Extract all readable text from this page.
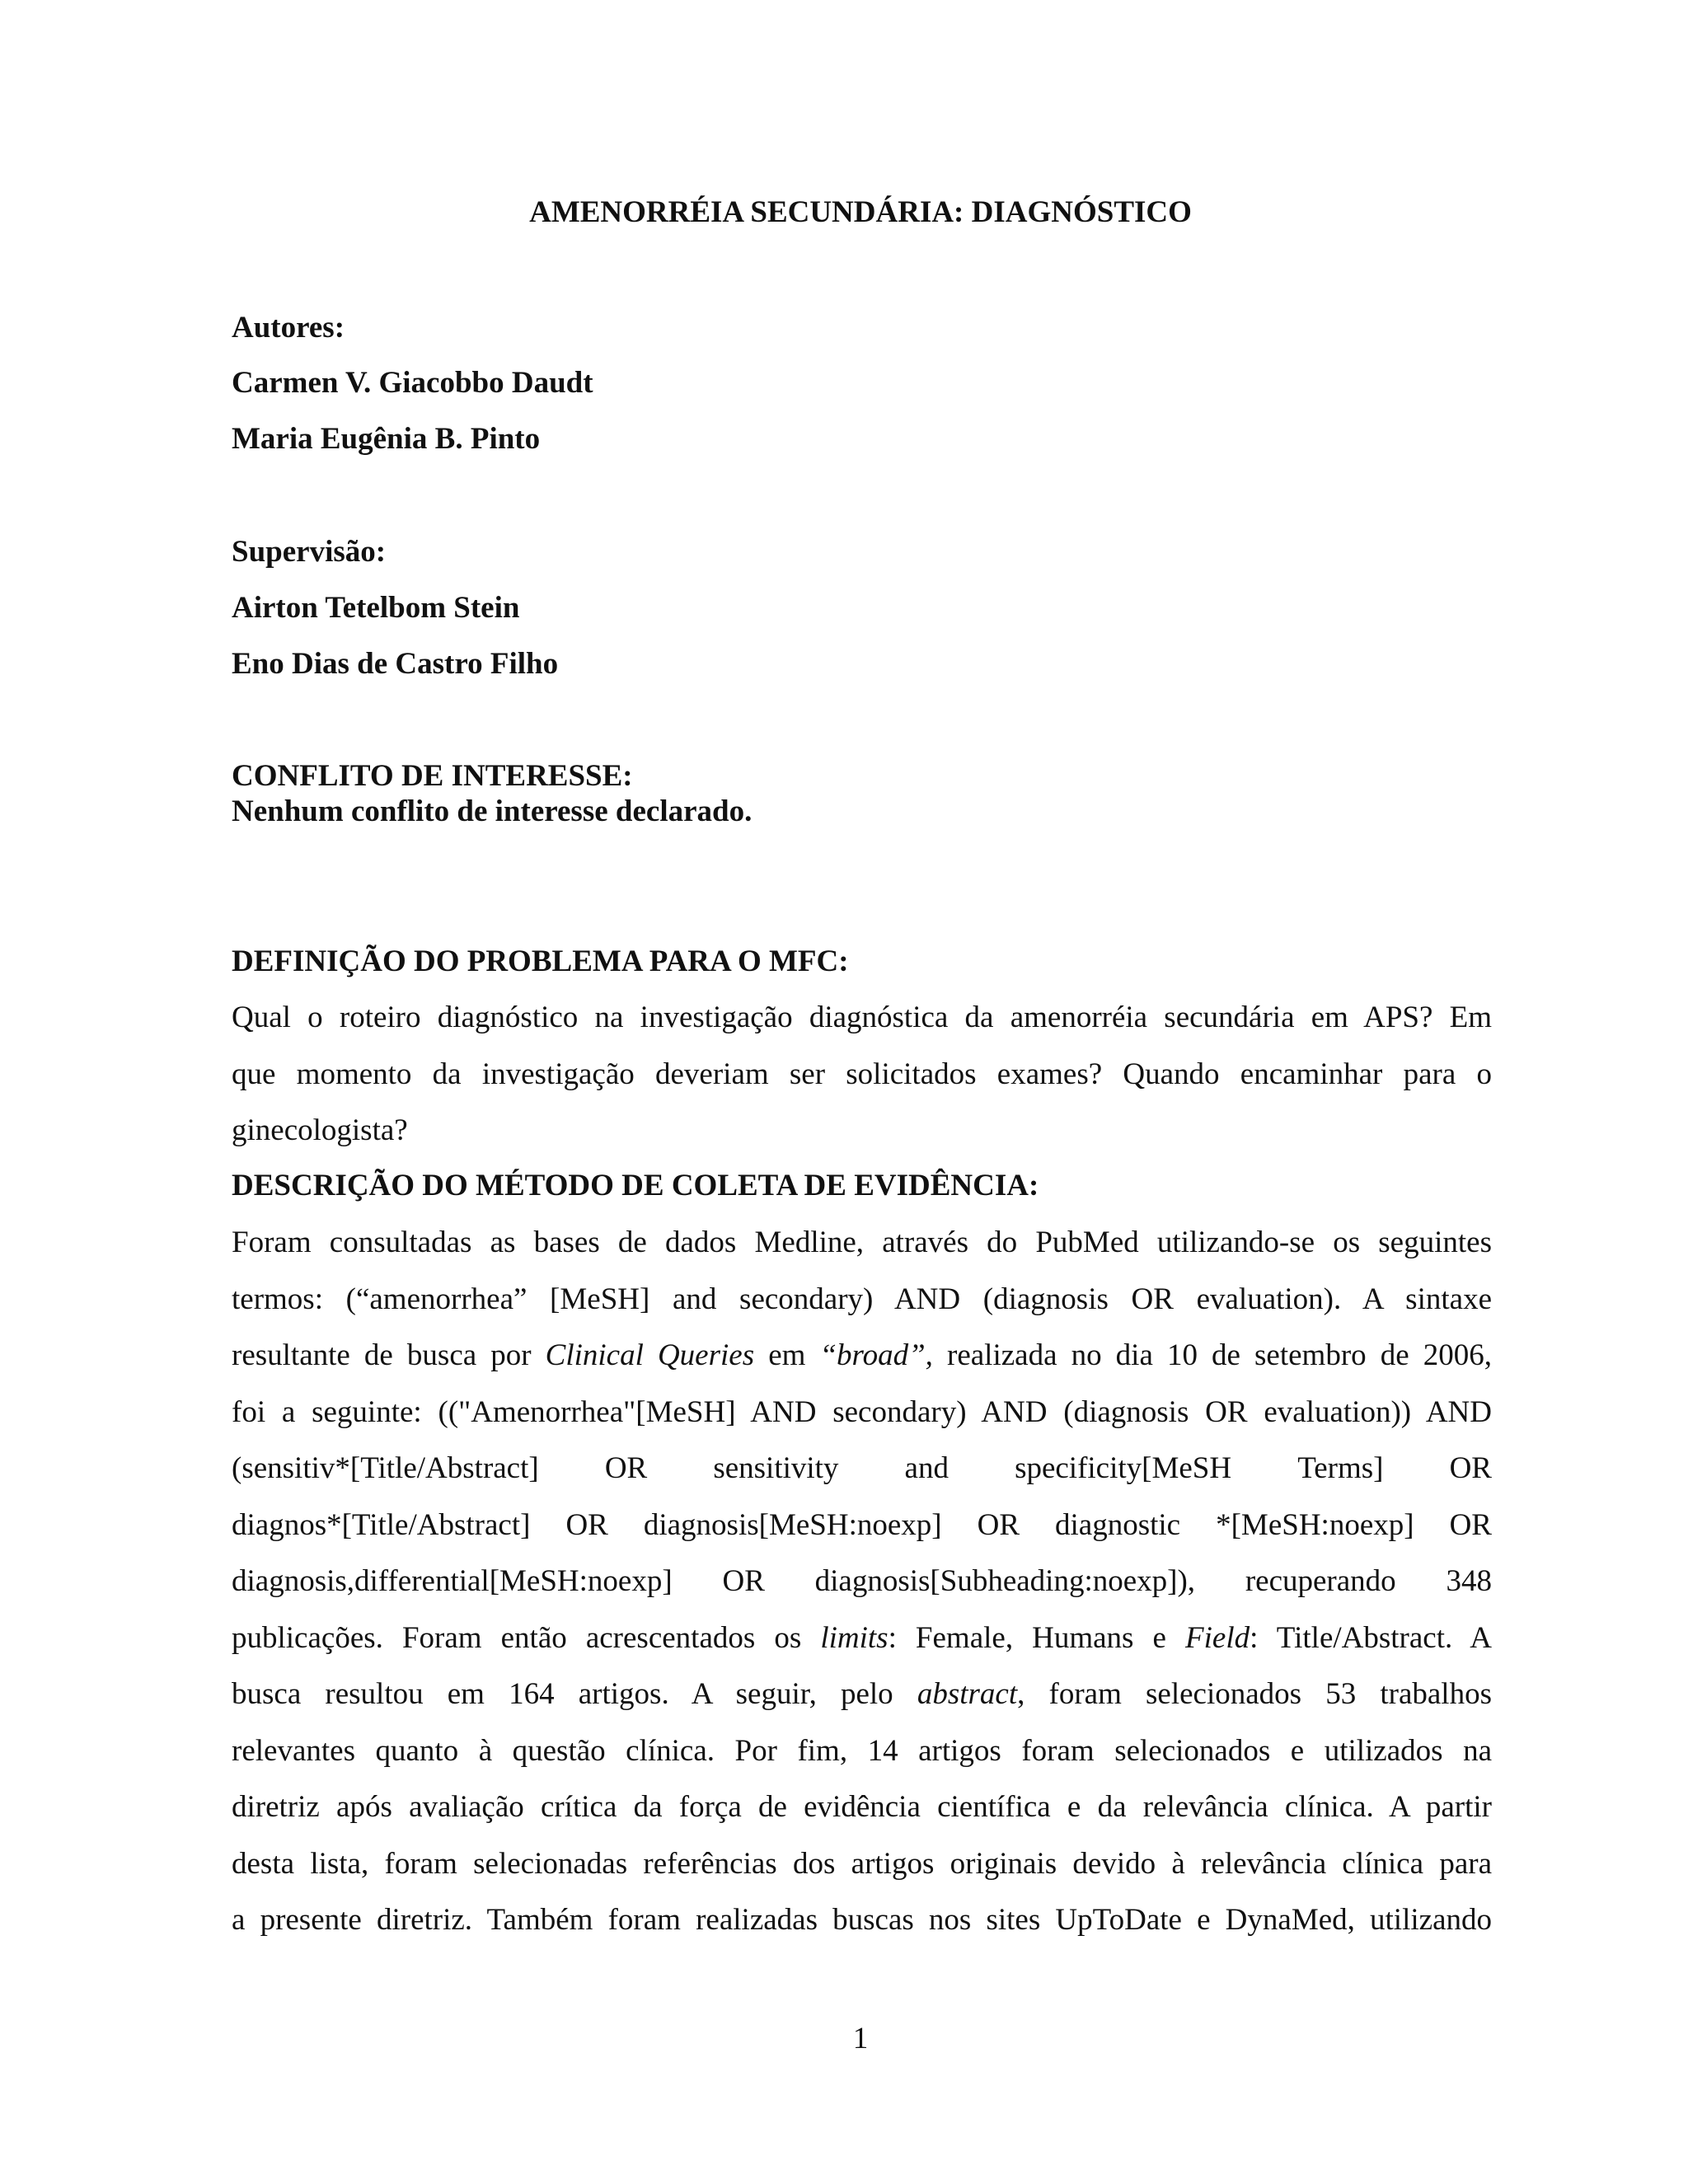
AMENORRÉIA SECUNDÁRIA: DIAGNÓSTICO

Autores:

Carmen V. Giacobbo Daudt

Maria Eugênia B. Pinto

Supervisão:

Airton Tetelbom Stein

Eno Dias de Castro Filho

CONFLITO DE INTERESSE:

Nenhum conflito de interesse declarado.

DEFINIÇÃO DO PROBLEMA PARA O MFC:

Qual o roteiro diagnóstico na investigação diagnóstica da amenorréia secundária em APS? Em
que momento da investigação deveriam ser solicitados exames? Quando encaminhar para o
ginecologista?

DESCRIÇÃO DO MÉTODO DE COLETA DE EVIDÊNCIA:

Foram consultadas as bases de dados Medline, através do PubMed utilizando-se os seguintes
termos: (“amenorrhea” [MeSH] and secondary) AND (diagnosis OR evaluation). A sintaxe
resultante de busca por Clinical Queries em “broad”, realizada no dia 10 de setembro de 2006,
foi a seguinte: (("Amenorrhea"[MeSH] AND secondary) AND (diagnosis OR evaluation)) AND
(sensitiv*[Title/Abstract] OR sensitivity and specificity[MeSH Terms] OR
diagnos*[Title/Abstract] OR diagnosis[MeSH:noexp] OR diagnostic *[MeSH:noexp] OR
diagnosis,differential[MeSH:noexp] OR diagnosis[Subheading:noexp]), recuperando 348
publicações. Foram então acrescentados os limits: Female, Humans e Field: Title/Abstract. A
busca resultou em 164 artigos. A seguir, pelo abstract, foram selecionados 53 trabalhos
relevantes quanto à questão clínica. Por fim, 14 artigos foram selecionados e utilizados na
diretriz após avaliação crítica da força de evidência científica e da relevância clínica. A partir
desta lista, foram selecionadas referências dos artigos originais devido à relevância clínica para
a presente diretriz. Também foram realizadas buscas nos sites UpToDate e DynaMed, utilizando
1
